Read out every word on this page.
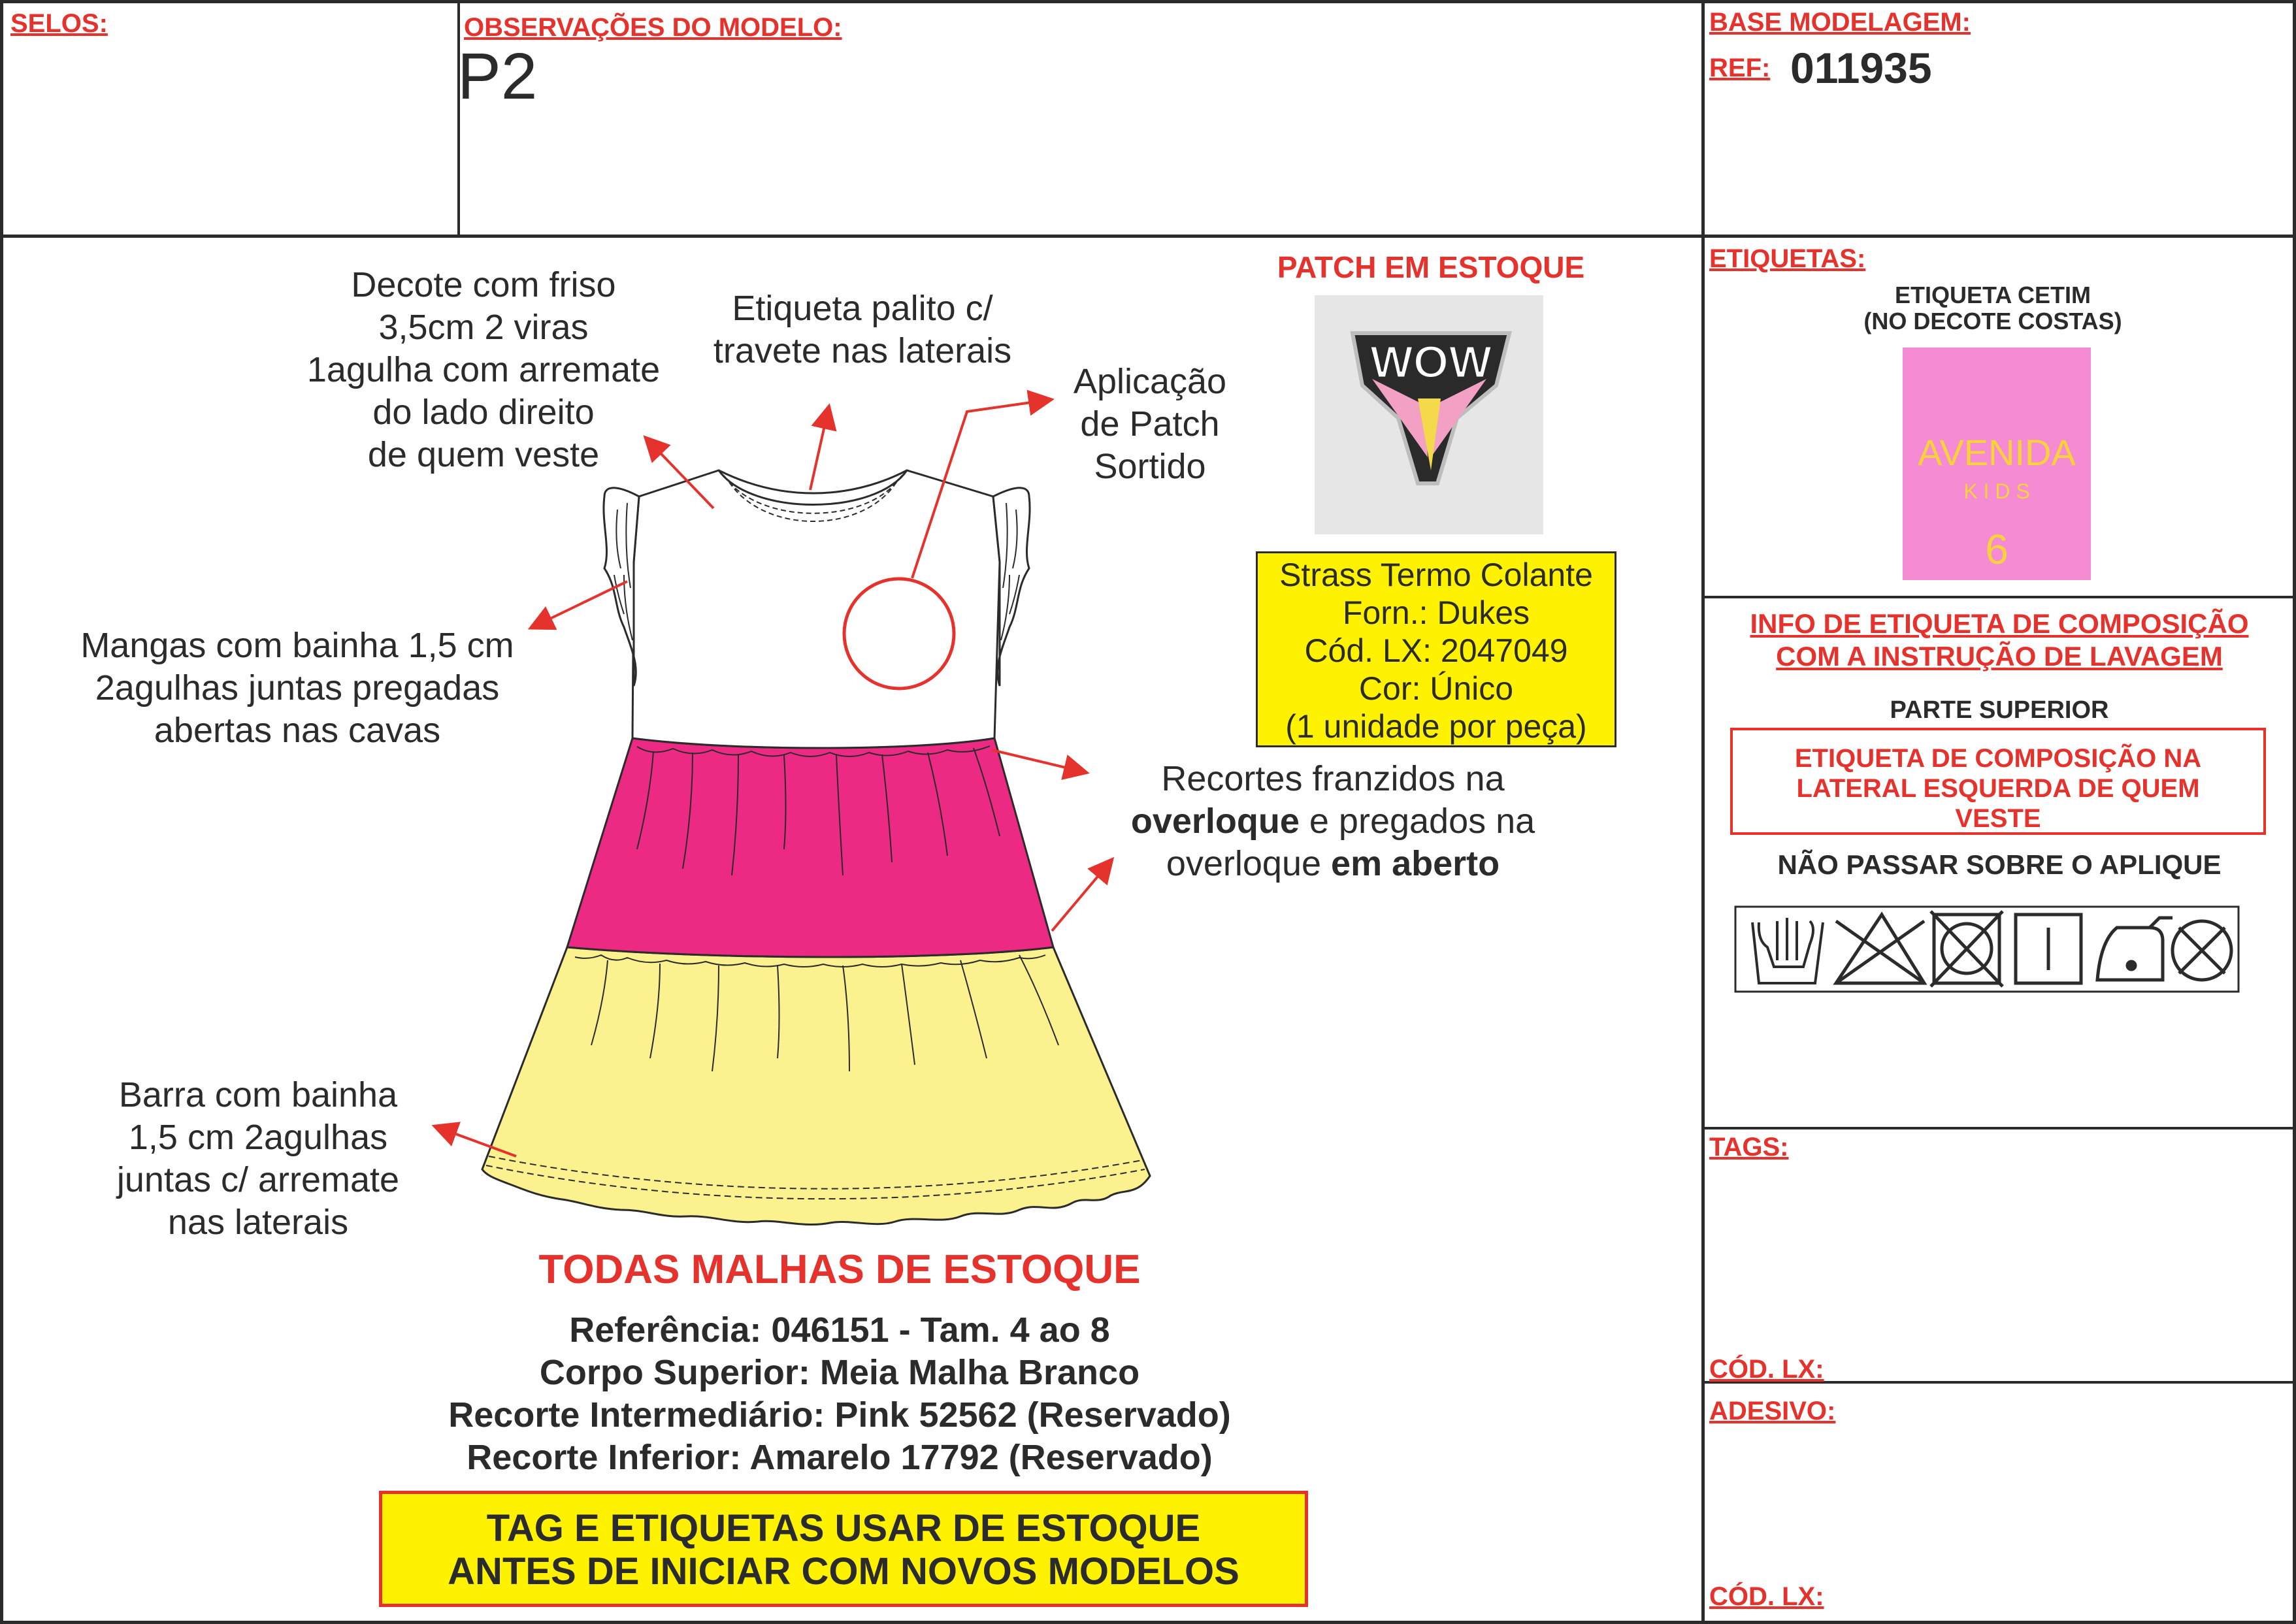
SELOS:	OBSERVAÇÕES DO MODELO:
P2
BASE MODELAGEM:
REF: 011935
WOW
Decote com friso
3,5cm 2 viras
1agulha com arremate
do lado direito
de quem veste
Etiqueta palito c/
travete nas laterais
Aplicação
de Patch
Sortido
Mangas com bainha 1,5 cm
2agulhas juntas pregadas
abertas nas cavas
Recortes franzidos na
overloque e pregados na
overloque em aberto
Barra com bainha
1,5 cm 2agulhas
juntas c/ arremate
nas laterais
PATCH EM ESTOQUE
Strass Termo Colante
Forn.: Dukes
Cód. LX: 2047049
Cor: Único
(1 unidade por peça)
TODAS MALHAS DE ESTOQUE
Referência: 046151 - Tam. 4 ao 8
Corpo Superior: Meia Malha Branco
Recorte Intermediário: Pink 52562 (Reservado)
Recorte Inferior: Amarelo 17792 (Reservado)
TAG E ETIQUETAS USAR DE ESTOQUE
ANTES DE INICIAR COM NOVOS MODELOS
ETIQUETAS:
ETIQUETA CETIM
(NO DECOTE COSTAS)
AVENIDA
K I D S
6
INFO DE ETIQUETA DE COMPOSIÇÃO
COM A INSTRUÇÃO DE LAVAGEM
PARTE SUPERIOR
ETIQUETA DE COMPOSIÇÃO NA
LATERAL ESQUERDA DE QUEM
VESTE
NÃO PASSAR SOBRE O APLIQUE
TAGS:
CÓD. LX:
ADESIVO:
CÓD. LX:
